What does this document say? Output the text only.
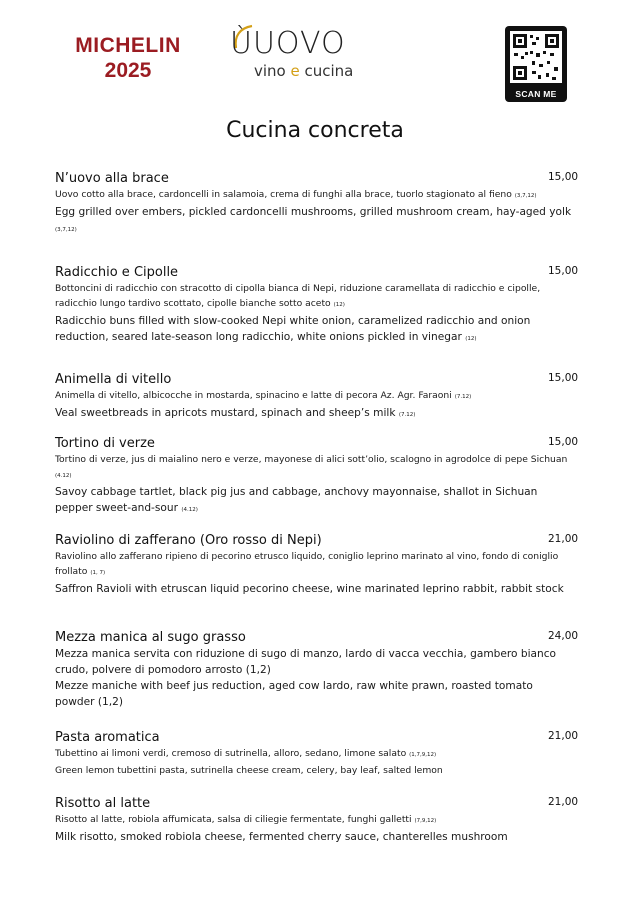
MICHELIN
2025
ÙUOVO
vino e cucina
SCAN ME
Cucina concreta
N’uovo alla brace	15,00
Uovo cotto alla brace, cardoncelli in salamoia, crema di funghi alla brace, tuorlo stagionato al fieno (3,7,12)
Egg grilled over embers, pickled cardoncelli mushrooms, grilled mushroom cream, hay-aged yolk (3,7,12)
Radicchio e Cipolle	15,00
Bottoncini di radicchio con stracotto di cipolla bianca di Nepi, riduzione caramellata di radicchio e cipolle, radicchio lungo tardivo scottato, cipolle bianche sotto aceto (12)
Radicchio buns filled with slow-cooked Nepi white onion, caramelized radicchio and onion reduction, seared late-season long radicchio, white onions pickled in vinegar (12)
Animella di vitello	15,00
Animella di vitello, albicocche in mostarda, spinacino e latte di pecora Az. Agr. Faraoni (7.12)
Veal sweetbreads in apricots mustard, spinach and sheep’s milk (7.12)
Tortino di verze	15,00
Tortino di verze, jus di maialino nero e verze, mayonese di alici sott’olio, scalogno in agrodolce di pepe Sichuan (4.12)
Savoy cabbage tartlet, black pig jus and cabbage, anchovy mayonnaise, shallot in Sichuan pepper sweet-and-sour (4.12)
Raviolino di zafferano (Oro rosso di Nepi)	21,00
Raviolino allo zafferano ripieno di pecorino etrusco liquido, coniglio leprino marinato al vino, fondo di coniglio frollato (1, 7)
Saffron Ravioli with etruscan liquid pecorino cheese, wine marinated leprino rabbit, rabbit stock
Mezza manica al sugo grasso	24,00
Mezza manica servita con riduzione di sugo di manzo, lardo di vacca vecchia, gambero bianco crudo, polvere di pomodoro arrosto (1,2)
Mezze maniche with beef jus reduction, aged cow lardo, raw white prawn, roasted tomato powder (1,2)
Pasta aromatica	21,00
Tubettino ai limoni verdi, cremoso di sutrinella, alloro, sedano, limone salato (1,7,9,12)
Green lemon tubettini pasta, sutrinella cheese cream, celery, bay leaf, salted lemon
Risotto al latte	21,00
Risotto al latte, robiola affumicata, salsa di ciliegie fermentate, funghi galletti (7,9,12)
Milk risotto, smoked robiola cheese, fermented cherry sauce, chanterelles mushroom
